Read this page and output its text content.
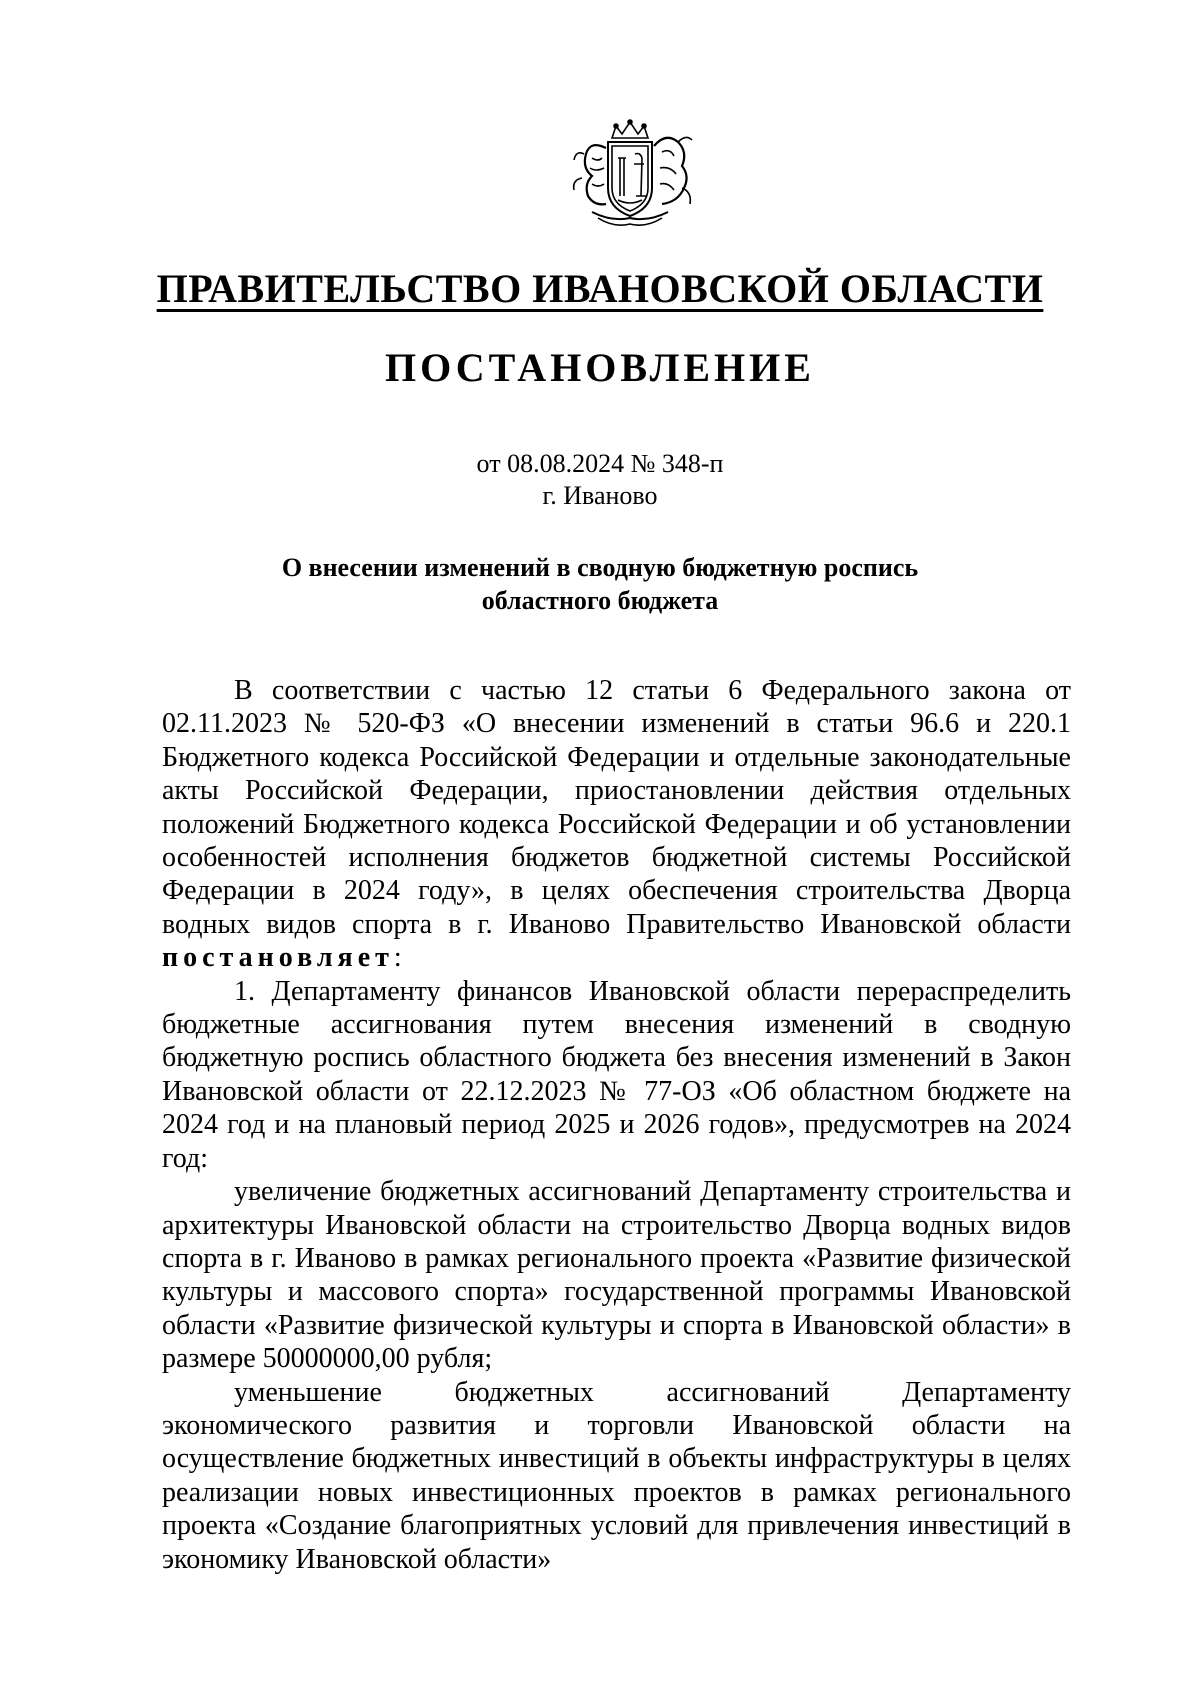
ПРАВИТЕЛЬСТВО ИВАНОВСКОЙ ОБЛАСТИ
ПОСТАНОВЛЕНИЕ
от 08.08.2024 № 348-п
г. Иваново
О внесении изменений в сводную бюджетную роспись
областного бюджета

В соответствии с частью 12 статьи 6 Федерального закона от 02.11.2023 № 520-ФЗ «О внесении изменений в статьи 96.6 и 220.1 Бюджетного кодекса Российской Федерации и отдельные законодательные акты Российской Федерации, приостановлении действия отдельных положений Бюджетного кодекса Российской Федерации и об установлении особенностей исполнения бюджетов бюджетной системы Российской Федерации в 2024 году», в целях обеспечения строительства Дворца водных видов спорта в г. Иваново Правительство Ивановской области постановляет:

1. Департаменту финансов Ивановской области перераспределить бюджетные ассигнования путем внесения изменений в сводную бюджетную роспись областного бюджета без внесения изменений в Закон Ивановской области от 22.12.2023 № 77-ОЗ «Об областном бюджете на 2024 год и на плановый период 2025 и 2026 годов», предусмотрев на 2024 год:

увеличение бюджетных ассигнований Департаменту строительства и архитектуры Ивановской области на строительство Дворца водных видов спорта в г. Иваново в рамках регионального проекта «Развитие физической культуры и массового спорта» государственной программы Ивановской области «Развитие физической культуры и спорта в Ивановской области» в размере 50000000,00 рубля;

уменьшение бюджетных ассигнований Департаменту экономического развития и торговли Ивановской области на осуществление бюджетных инвестиций в объекты инфраструктуры в целях реализации новых инвестиционных проектов в рамках регионального проекта «Создание благоприятных условий для привлечения инвестиций в экономику Ивановской области»
